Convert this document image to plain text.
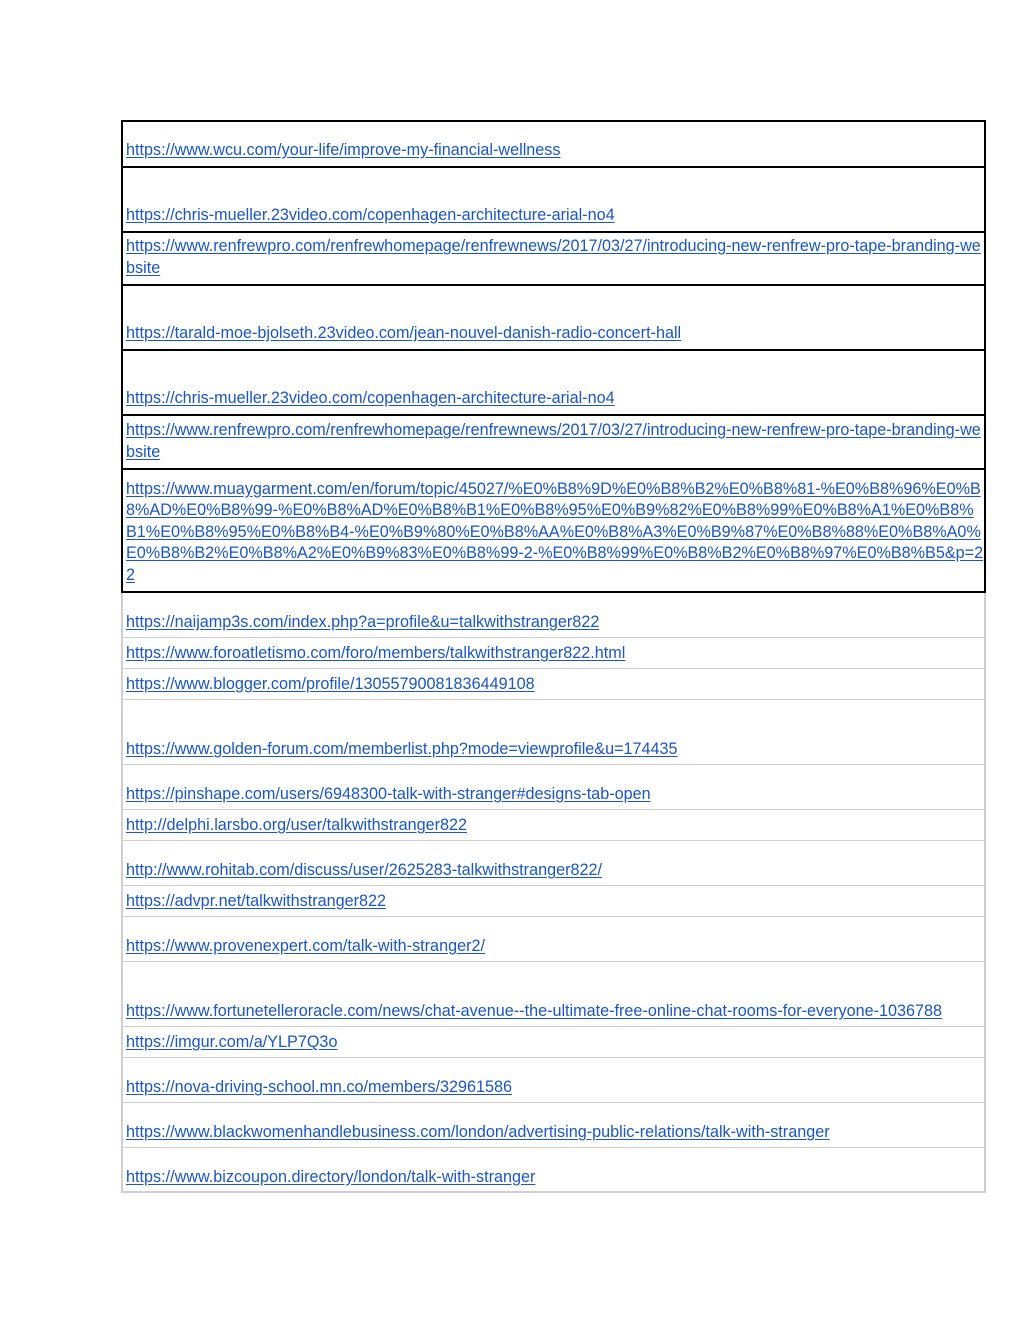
https://www.wcu.com/your-life/improve-my-financial-wellness
https://chris-mueller.23video.com/copenhagen-architecture-arial-no4
https://www.renfrewpro.com/renfrewhomepage/renfrewnews/2017/03/27/introducing-new-renfrew-pro-tape-branding-website
https://tarald-moe-bjolseth.23video.com/jean-nouvel-danish-radio-concert-hall
https://chris-mueller.23video.com/copenhagen-architecture-arial-no4
https://www.renfrewpro.com/renfrewhomepage/renfrewnews/2017/03/27/introducing-new-renfrew-pro-tape-branding-website
https://www.muaygarment.com/en/forum/topic/45027/%E0%B8%9D%E0%B8%B2%E0%B8%81-%E0%B8%96%E0%B8%AD%E0%B8%99-%E0%B8%AD%E0%B8%B1%E0%B8%95%E0%B9%82%E0%B8%99%E0%B8%A1%E0%B8%B1%E0%B8%95%E0%B8%B4-%E0%B9%80%E0%B8%AA%E0%B8%A3%E0%B9%87%E0%B8%88%E0%B8%A0%E0%B8%B2%E0%B8%A2%E0%B9%83%E0%B8%99-2-%E0%B8%99%E0%B8%B2%E0%B8%97%E0%B8%B5&p=22
https://naijamp3s.com/index.php?a=profile&u=talkwithstranger822
https://www.foroatletismo.com/foro/members/talkwithstranger822.html
https://www.blogger.com/profile/13055790081836449108
https://www.golden-forum.com/memberlist.php?mode=viewprofile&u=174435
https://pinshape.com/users/6948300-talk-with-stranger#designs-tab-open
http://delphi.larsbo.org/user/talkwithstranger822
http://www.rohitab.com/discuss/user/2625283-talkwithstranger822/
https://advpr.net/talkwithstranger822
https://www.provenexpert.com/talk-with-stranger2/
https://www.fortunetelleroracle.com/news/chat-avenue--the-ultimate-free-online-chat-rooms-for-everyone-1036788
https://imgur.com/a/YLP7Q3o
https://nova-driving-school.mn.co/members/32961586
https://www.blackwomenhandlebusiness.com/london/advertising-public-relations/talk-with-stranger
https://www.bizcoupon.directory/london/talk-with-stranger
